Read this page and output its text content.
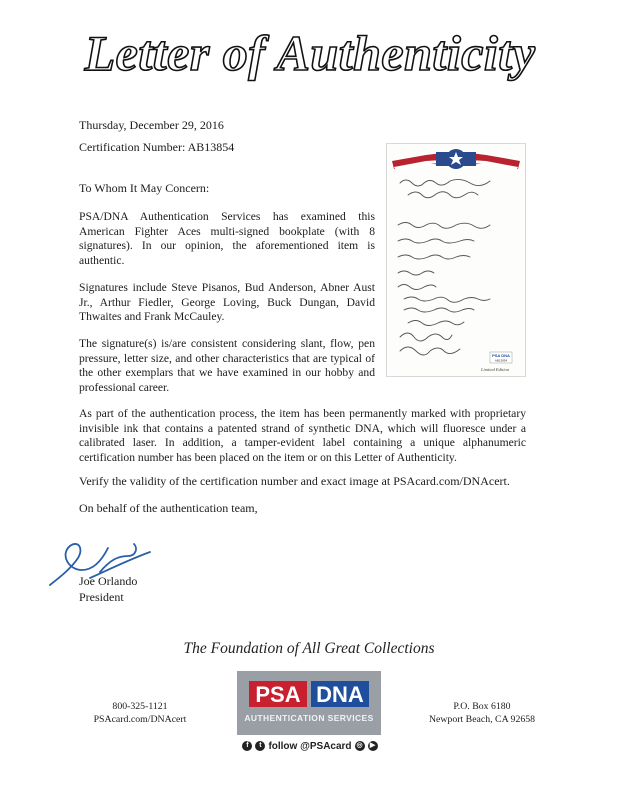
Letter of Authenticity
Thursday, December 29, 2016
Certification Number: AB13854
To Whom It May Concern:
PSA/DNA Authentication Services has examined this American Fighter Aces multi-signed bookplate (with 8 signatures). In our opinion, the aforementioned item is authentic.
Signatures include Steve Pisanos, Bud Anderson, Abner Aust Jr., Arthur Fiedler, George Loving, Buck Dungan, David Thwaites and Frank McCauley.
The signature(s) is/are consistent considering slant, flow, pen pressure, letter size, and other characteristics that are typical of the other exemplars that we have examined in our hobby and professional career.
As part of the authentication process, the item has been permanently marked with proprietary invisible ink that contains a patented strand of synthetic DNA, which will fluoresce under a calibrated laser. In addition, a tamper-evident label containing a unique alphanumeric certification number has been placed on the item or on this Letter of Authenticity.
Verify the validity of the certification number and exact image at PSAcard.com/DNAcert.
On behalf of the authentication team,
Joe Orlando
President
Limited Edition
PSA DNA
AB13854
The Foundation of All Great Collections
800-325-1121
PSAcard.com/DNAcert
P.O. Box 6180
Newport Beach, CA 92658
PSA DNA
AUTHENTICATION SERVICES
f	t follow @PSAcard ◎	▶
